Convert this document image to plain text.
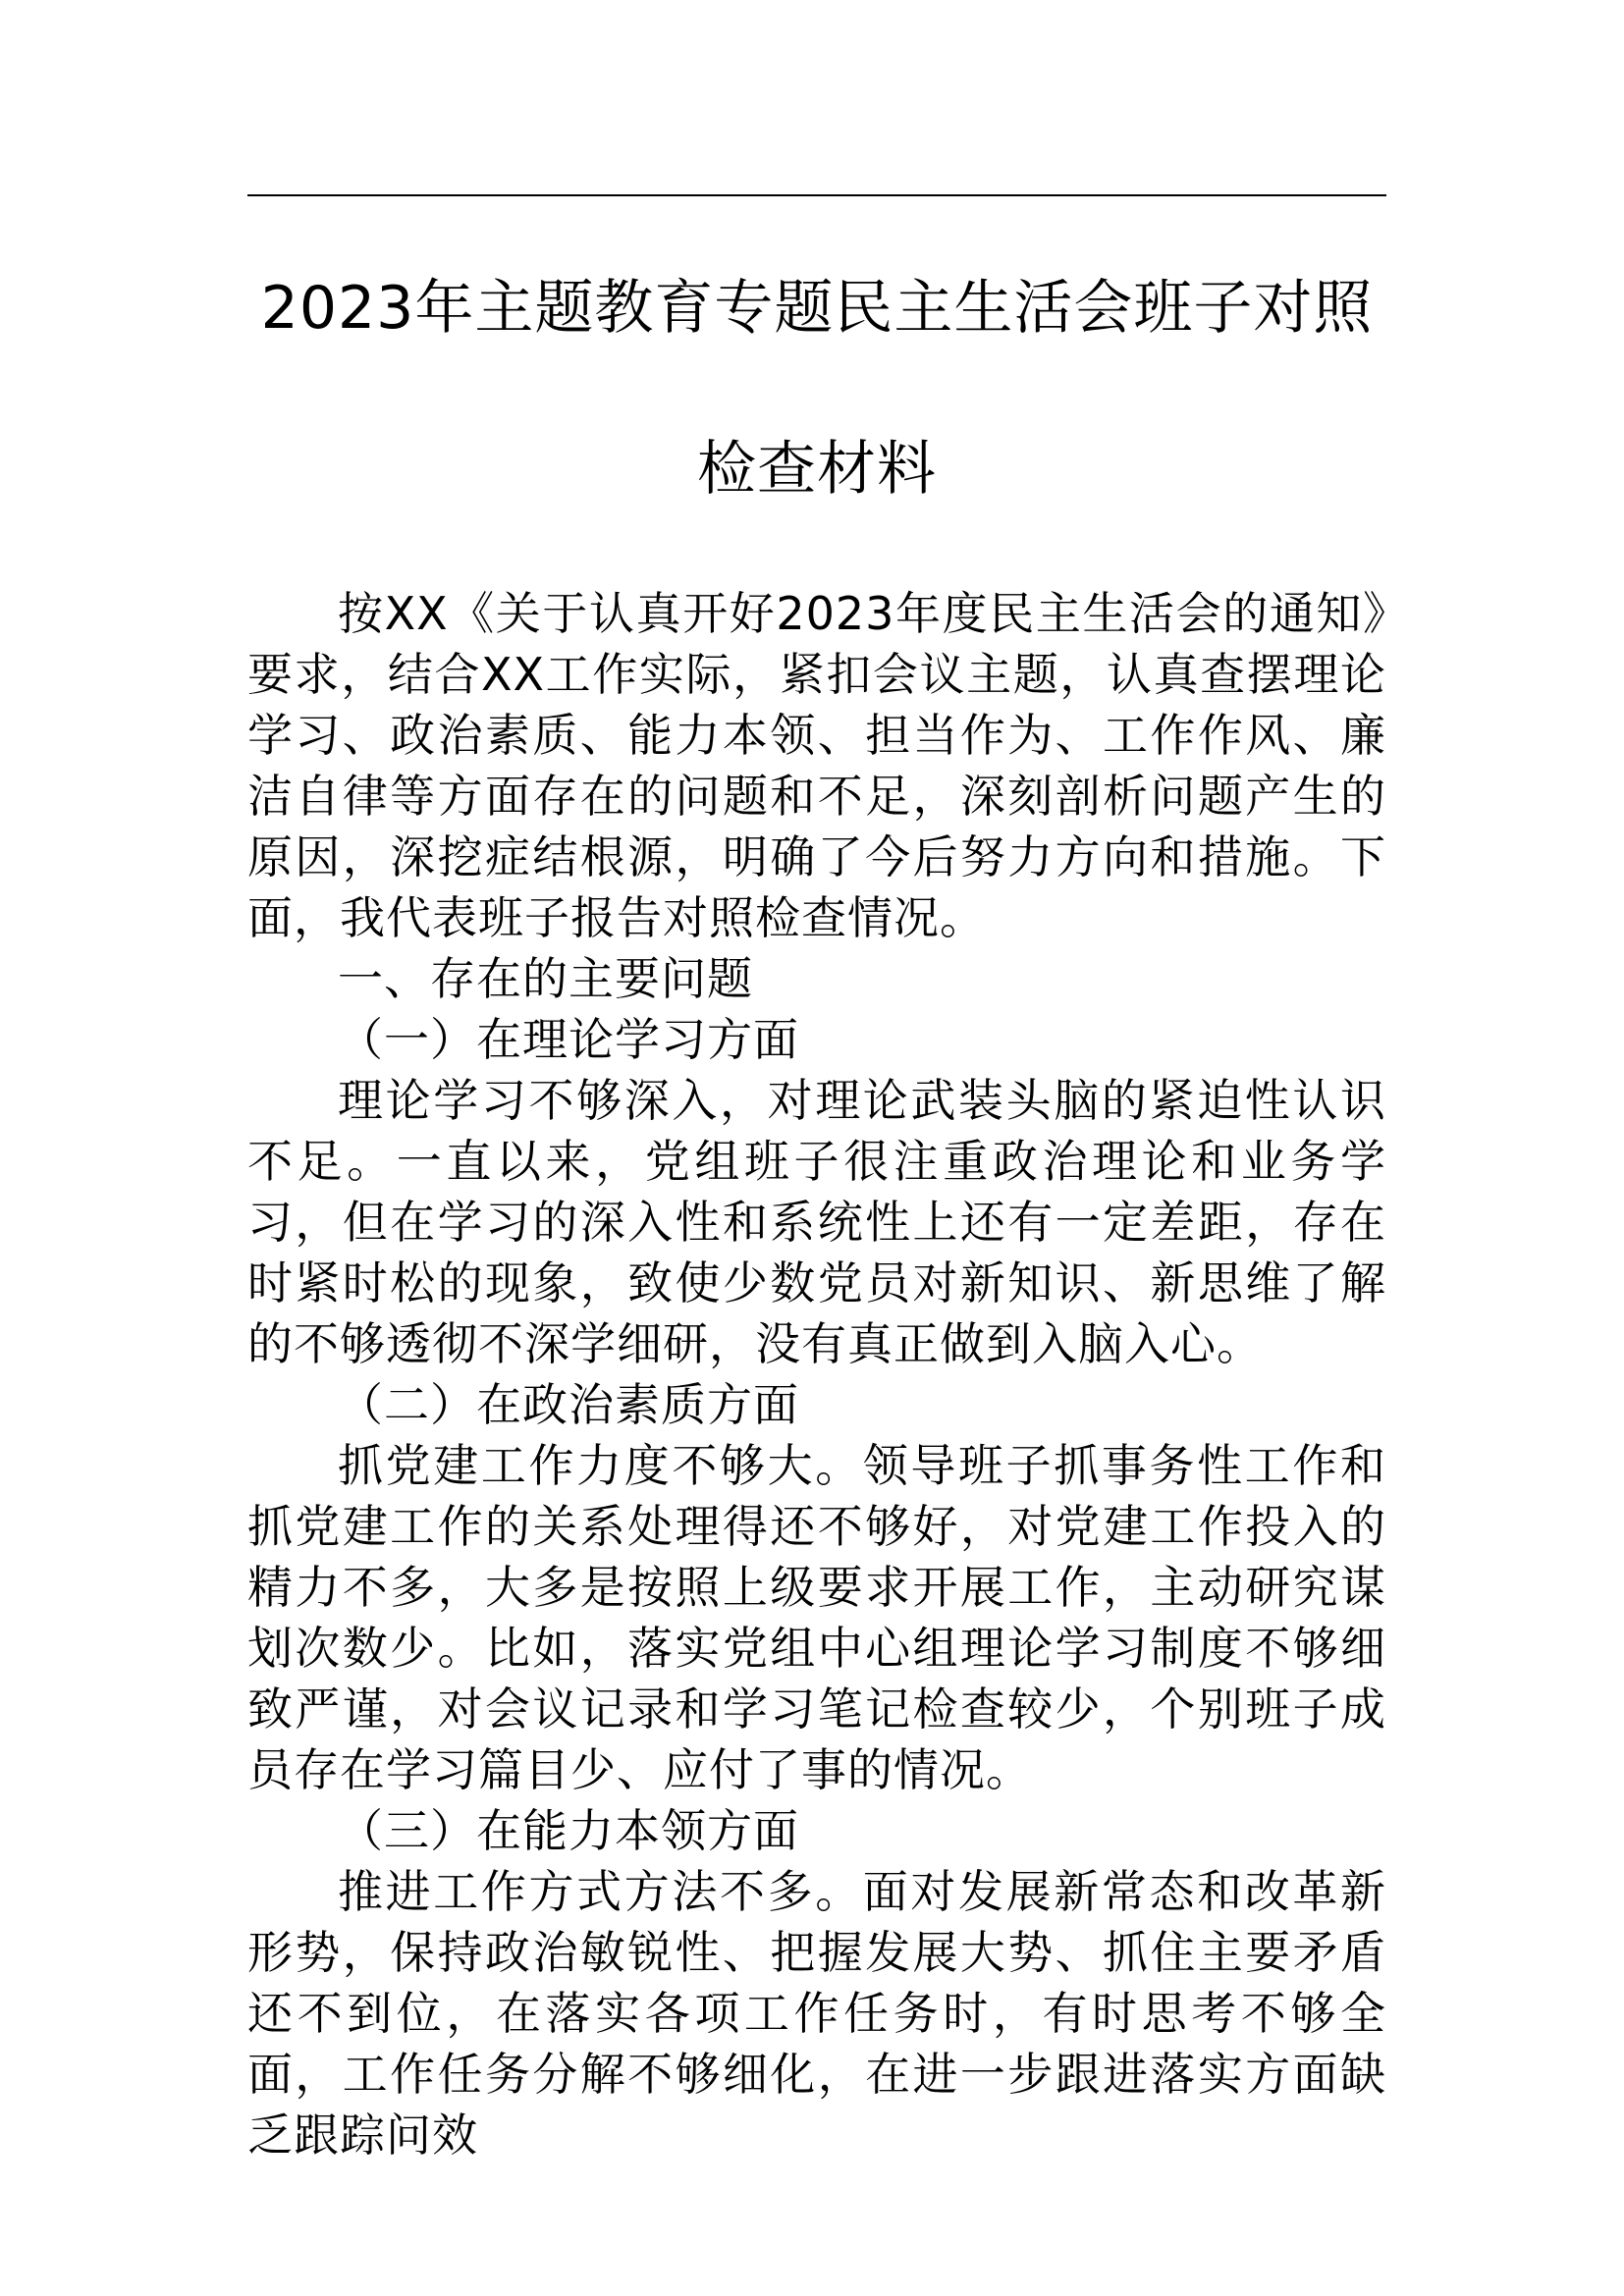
2023年主题教育专题民主生活会班子对照
检查材料

按XX《关于认真开好2023年度民主生活会的通知》要求，结合XX工作实际，紧扣会议主题，认真查摆理论学习、政治素质、能力本领、担当作为、工作作风、廉洁自律等方面存在的问题和不足，深刻剖析问题产生的原因，深挖症结根源，明确了今后努力方向和措施。下面，我代表班子报告对照检查情况。

一、存在的主要问题

（一）在理论学习方面

理论学习不够深入，对理论武装头脑的紧迫性认识不足。一直以来，党组班子很注重政治理论和业务学习，但在学习的深入性和系统性上还有一定差距，存在时紧时松的现象，致使少数党员对新知识、新思维了解的不够透彻不深学细研，没有真正做到入脑入心。

（二）在政治素质方面

抓党建工作力度不够大。领导班子抓事务性工作和抓党建工作的关系处理得还不够好，对党建工作投入的精力不多，大多是按照上级要求开展工作，主动研究谋划次数少。比如，落实党组中心组理论学习制度不够细致严谨，对会议记录和学习笔记检查较少，个别班子成员存在学习篇目少、应付了事的情况。

（三）在能力本领方面

推进工作方式方法不多。面对发展新常态和改革新形势，保持政治敏锐性、把握发展大势、抓住主要矛盾还不到位，在落实各项工作任务时，有时思考不够全面，工作任务分解不够细化，在进一步跟进落实方面缺乏跟踪问效
